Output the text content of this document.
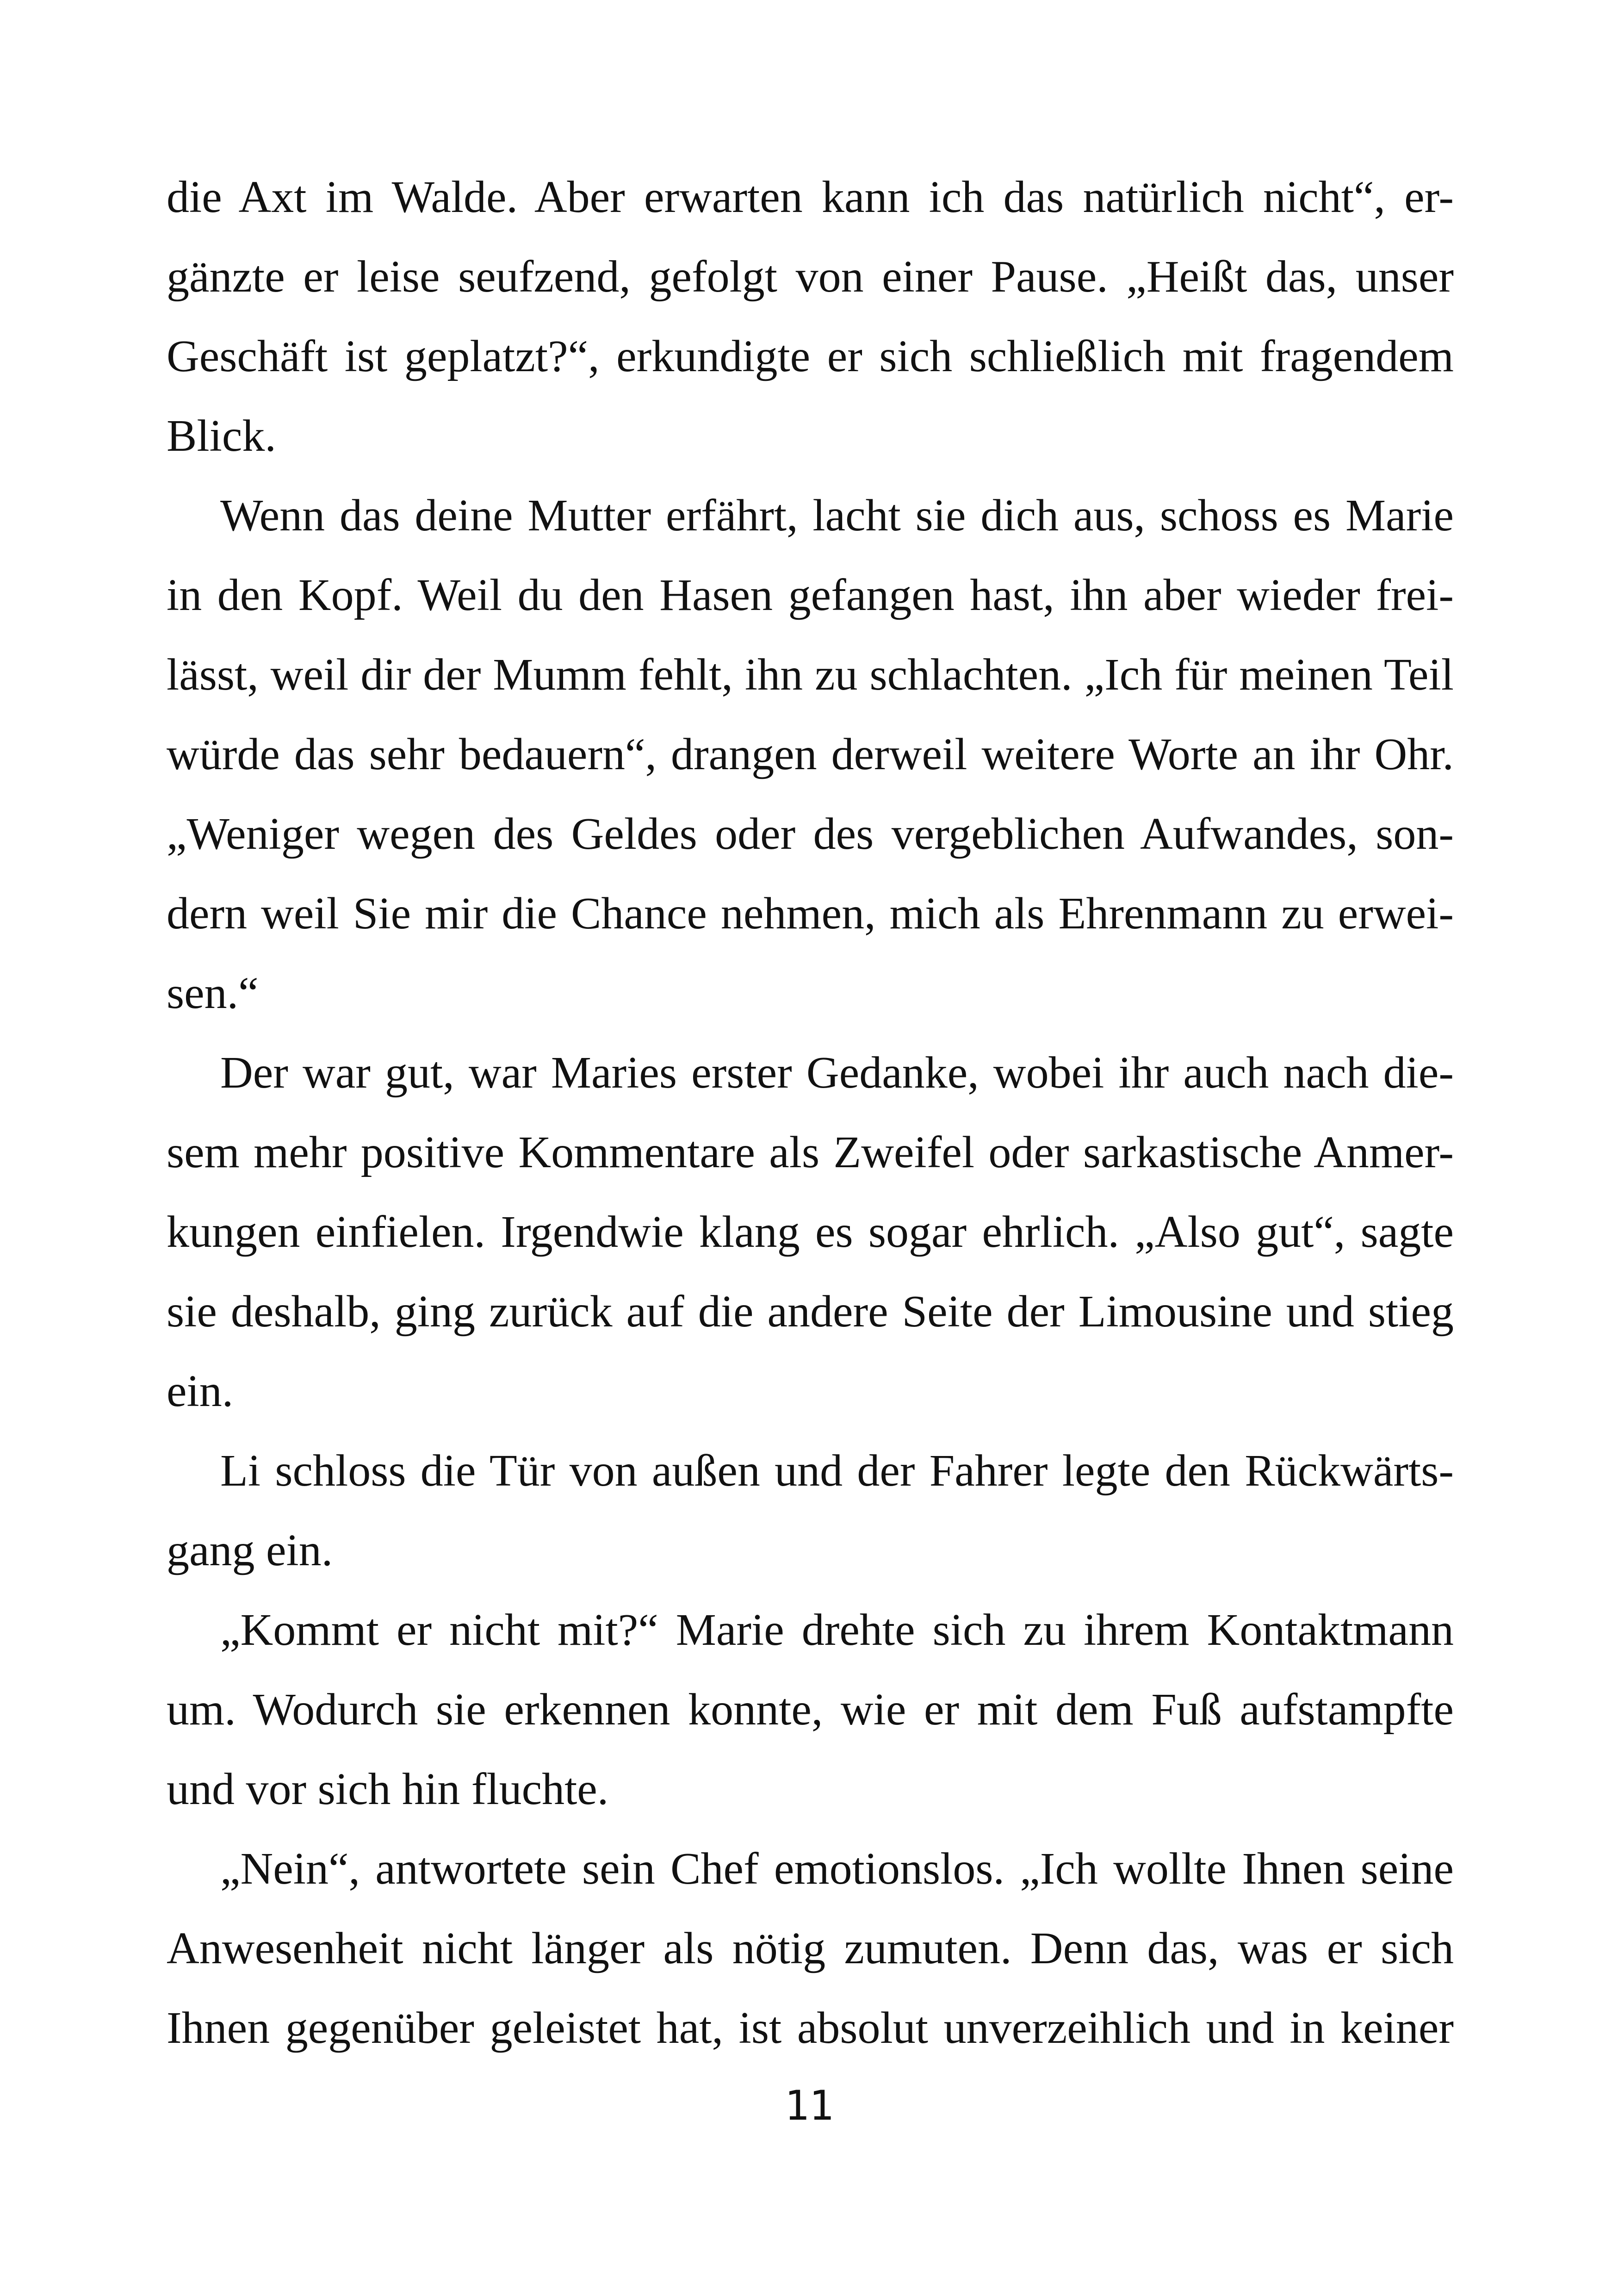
die Axt im Walde. Aber erwarten kann ich das natürlich nicht“, er-
gänzte er leise seufzend, gefolgt von einer Pause. „Heißt das, unser
Geschäft ist geplatzt?“, erkundigte er sich schließlich mit fragendem
Blick.

Wenn das deine Mutter erfährt, lacht sie dich aus, schoss es Marie
in den Kopf. Weil du den Hasen gefangen hast, ihn aber wieder frei-
lässt, weil dir der Mumm fehlt, ihn zu schlachten. „Ich für meinen Teil
würde das sehr bedauern“, drangen derweil weitere Worte an ihr Ohr.
„Weniger wegen des Geldes oder des vergeblichen Aufwandes, son-
dern weil Sie mir die Chance nehmen, mich als Ehrenmann zu erwei-
sen.“

Der war gut, war Maries erster Gedanke, wobei ihr auch nach die-
sem mehr positive Kommentare als Zweifel oder sarkastische Anmer-
kungen einfielen. Irgendwie klang es sogar ehrlich. „Also gut“, sagte
sie deshalb, ging zurück auf die andere Seite der Limousine und stieg
ein.

Li schloss die Tür von außen und der Fahrer legte den Rückwärts-
gang ein.

„Kommt er nicht mit?“ Marie drehte sich zu ihrem Kontaktmann
um. Wodurch sie erkennen konnte, wie er mit dem Fuß aufstampfte
und vor sich hin fluchte.

„Nein“, antwortete sein Chef emotionslos. „Ich wollte Ihnen seine
Anwesenheit nicht länger als nötig zumuten. Denn das, was er sich
Ihnen gegenüber geleistet hat, ist absolut unverzeihlich und in keiner

11
